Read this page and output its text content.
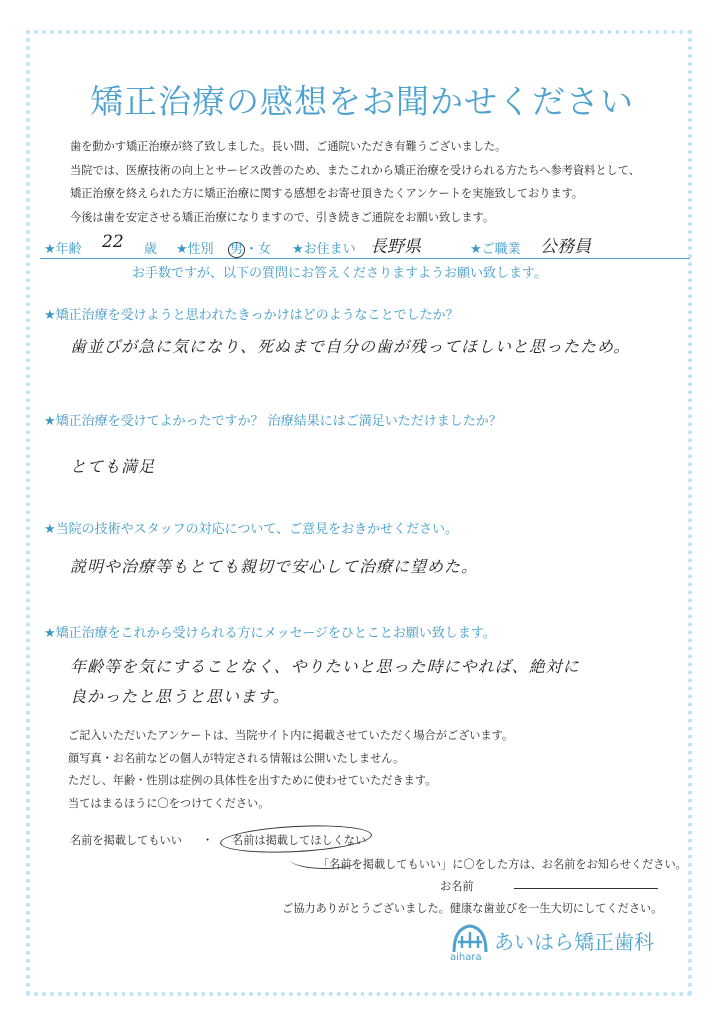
矯正治療の感想をお聞かせください
歯を動かす矯正治療が終了致しました。長い間、ご通院いただき有難うございました。
当院では、医療技術の向上とサービス改善のため、またこれから矯正治療を受けられる方たちへ参考資料として、
矯正治療を終えられた方に矯正治療に関する感想をお寄せ頂きたくアンケートを実施致しております。
今後は歯を安定させる矯正治療になりますので、引き続きご通院をお願い致します。
★年齢 22 歳 ★性別 男 ・女 ★お住まい 長野県	★ご職業 公務員
お手数ですが、以下の質問にお答えくださりますようお願い致します。
★矯正治療を受けようと思われたきっかけはどのようなことでしたか？
歯並びが急に気になり、死ぬまで自分の歯が残ってほしいと思ったため。
★矯正治療を受けてよかったですか？ 治療結果にはご満足いただけましたか？
とても満足
★当院の技術やスタッフの対応について、ご意見をおきかせください。
説明や治療等もとても親切で安心して治療に望めた。
★矯正治療をこれから受けられる方にメッセージをひとことお願い致します。
年齢等を気にすることなく、やりたいと思った時にやれば、絶対に
良かったと思うと思います。
ご記入いただいたアンケートは、当院サイト内に掲載させていただく場合がございます。
顔写真・お名前などの個人が特定される情報は公開いたしません。
ただし、年齢・性別は症例の具体性を出すために使わせていただきます。
当てはまるほうに〇をつけてください。
名前を掲載してもいい ・ 名前は掲載してほしくない
「名前を掲載してもいい」に〇をした方は、お名前をお知らせください。
お名前
ご協力ありがとうございました。健康な歯並びを一生大切にしてください。
あいはら矯正歯科
aihara
